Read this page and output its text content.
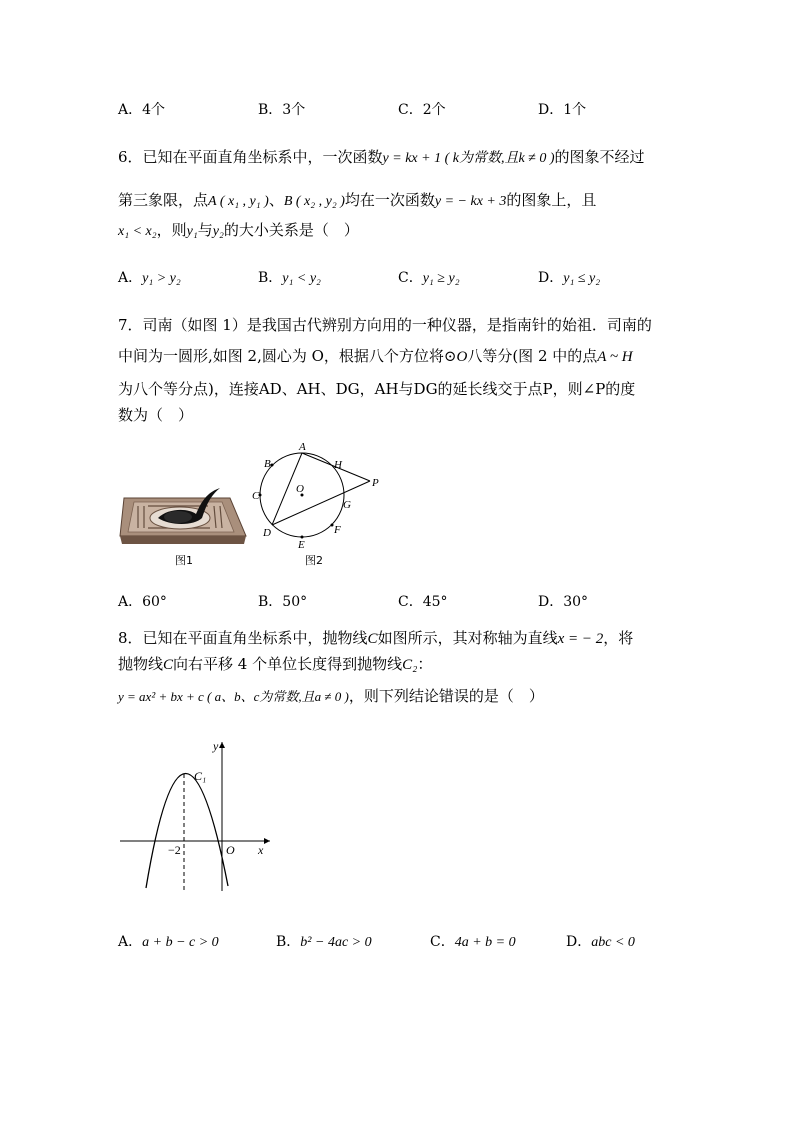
A．4个	B．3个	C．2个	D．1个
6．已知在平面直角坐标系中，一次函数y = kx + 1 ( k为常数,且k ≠ 0 )的图象不经过
第三象限，点A ( x₁ , y₁ )、B ( x₂ , y₂ )均在一次函数y = − kx + 3的图象上，且
x₁ < x₂，则y₁与y₂的大小关系是（　）
A．y₁ > y₂	B．y₁ < y₂	C．y₁ ≥ y₂	D．y₁ ≤ y₂
7．司南（如图 1）是我国古代辨别方向用的一种仪器，是指南针的始祖．司南的
中间为一圆形,如图 2,圆心为 O，根据八个方位将⊙O八等分(图 2 中的点A ~ H
为八个等分点)，连接AD、AH、DG，AH与DG的延长线交于点P，则∠P的度
数为（　）
图1
A
B
C
D
E
F
G
H
O	P
图2
A．60°	B．50°	C．45°	D．30°
8．已知在平面直角坐标系中，抛物线C如图所示，其对称轴为直线x = − 2，将
抛物线C向右平移 4 个单位长度得到抛物线C₂：
y = ax² + bx + c ( a、b、c为常数,且a ≠ 0 )，则下列结论错误的是（　）
y
x
C₁
−2	O
A．a + b − c > 0	B．b² − 4ac > 0	C．4a + b = 0	D．abc < 0
